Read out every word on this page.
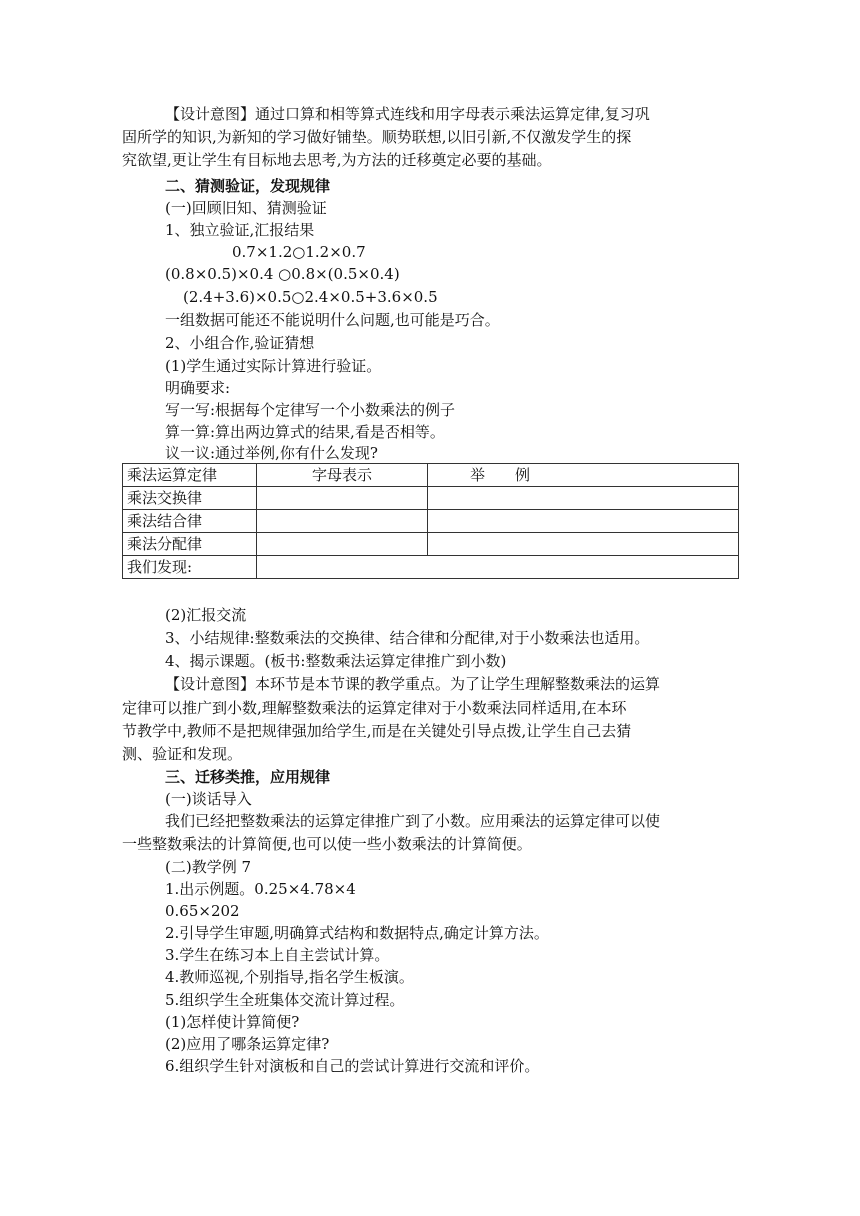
【设计意图】通过口算和相等算式连线和用字母表示乘法运算定律,复习巩
固所学的知识,为新知的学习做好铺垫。顺势联想,以旧引新,不仅激发学生的探
究欲望,更让学生有目标地去思考,为方法的迁移奠定必要的基础。
二、猜测验证，发现规律
(一)回顾旧知、猜测验证
1、独立验证,汇报结果
0.7×1.2○1.2×0.7
(0.8×0.5)×0.4 ○0.8×(0.5×0.4)
(2.4+3.6)×0.5○2.4×0.5+3.6×0.5
一组数据可能还不能说明什么问题,也可能是巧合。
2、小组合作,验证猜想
(1)学生通过实际计算进行验证。
明确要求:
写一写:根据每个定律写一个小数乘法的例子
算一算:算出两边算式的结果,看是否相等。
议一议:通过举例,你有什么发现?
乘法运算定律	字母表示	举　　例
乘法交换律		
乘法结合律		
乘法分配律		
我们发现:		
(2)汇报交流
3、小结规律:整数乘法的交换律、结合律和分配律,对于小数乘法也适用。
4、揭示课题。(板书:整数乘法运算定律推广到小数)
【设计意图】本环节是本节课的教学重点。为了让学生理解整数乘法的运算
定律可以推广到小数,理解整数乘法的运算定律对于小数乘法同样适用,在本环
节教学中,教师不是把规律强加给学生,而是在关键处引导点拨,让学生自己去猜
测、验证和发现。
三、迁移类推，应用规律
(一)谈话导入
我们已经把整数乘法的运算定律推广到了小数。应用乘法的运算定律可以使
一些整数乘法的计算简便,也可以使一些小数乘法的计算简便。
(二)教学例 7
1.出示例题。0.25×4.78×4
0.65×202
2.引导学生审题,明确算式结构和数据特点,确定计算方法。
3.学生在练习本上自主尝试计算。
4.教师巡视,个别指导,指名学生板演。
5.组织学生全班集体交流计算过程。
(1)怎样使计算简便?
(2)应用了哪条运算定律?
6.组织学生针对演板和自己的尝试计算进行交流和评价。
